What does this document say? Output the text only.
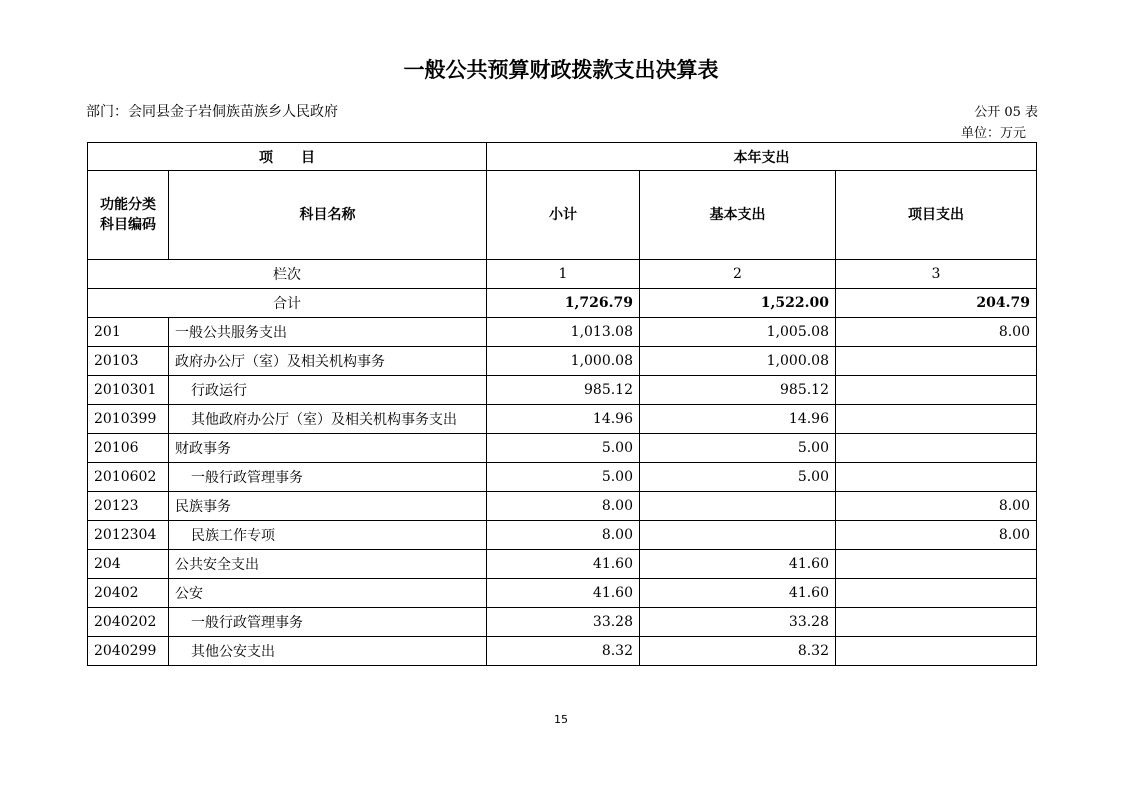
一般公共预算财政拨款支出决算表
部门：会同县金子岩侗族苗族乡人民政府	公开 05 表
单位：万元
项　　目		本年支出		
功能分类
科目编码	科目名称	小计	基本支出	项目支出
栏次		1	2	3
合计		1,726.79	1,522.00	204.79
201	一般公共服务支出	1,013.08	1,005.08	8.00
20103	政府办公厅（室）及相关机构事务	1,000.08	1,000.08	
2010301	行政运行	985.12	985.12	
2010399	其他政府办公厅（室）及相关机构事务支出	14.96	14.96	
20106	财政事务	5.00	5.00	
2010602	一般行政管理事务	5.00	5.00	
20123	民族事务	8.00		8.00
2012304	民族工作专项	8.00		8.00
204	公共安全支出	41.60	41.60	
20402	公安	41.60	41.60	
2040202	一般行政管理事务	33.28	33.28	
2040299	其他公安支出	8.32	8.32	
15
